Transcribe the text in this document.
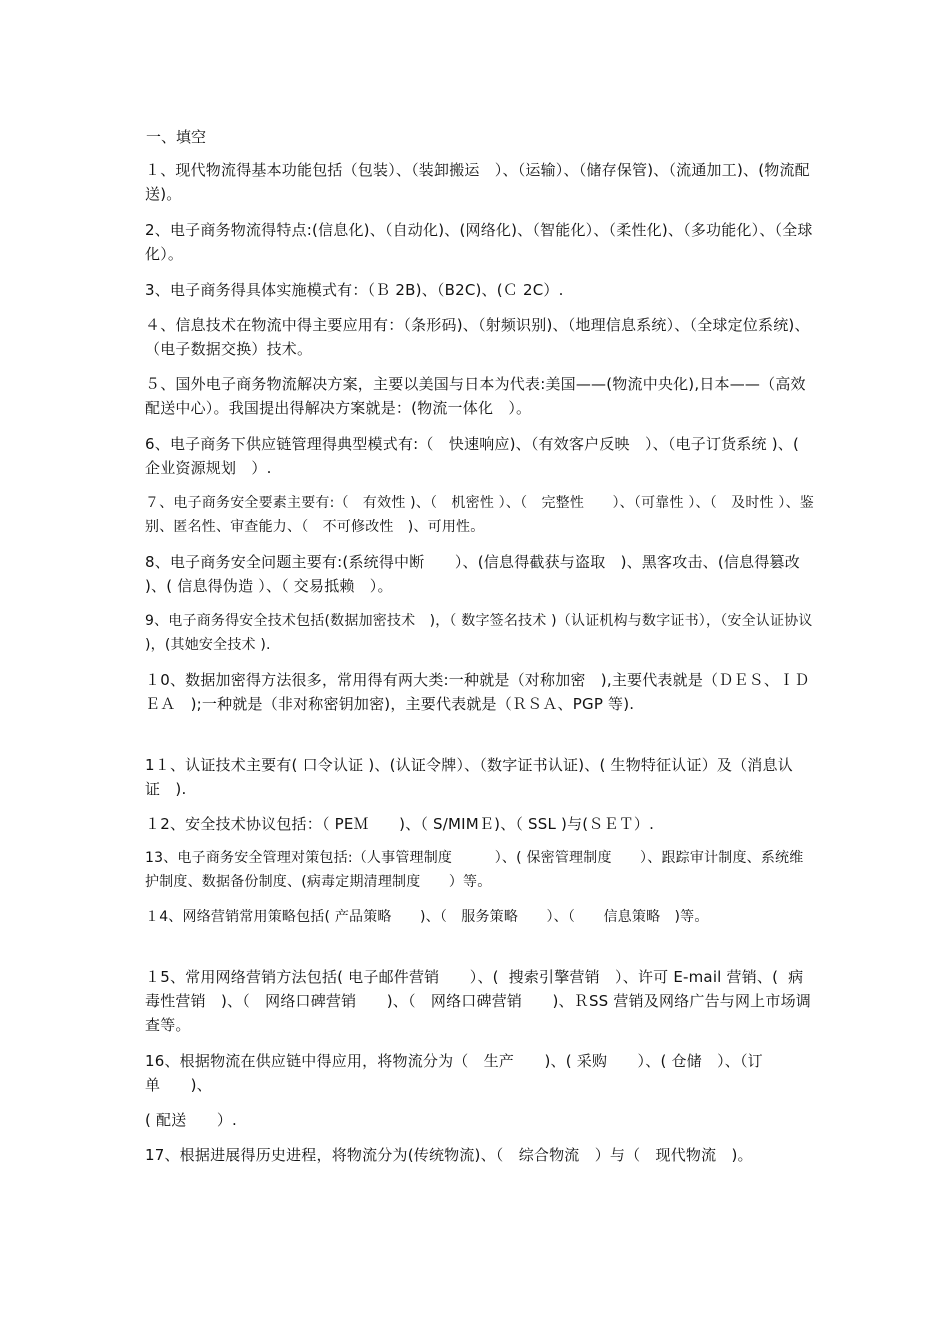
一、填空
１、现代物流得基本功能包括（包装）、（装卸搬运　）、（运输）、（储存保管)、（流通加工)、(物流配送)。
2、电子商务物流得特点:(信息化)、（自动化)、(网络化)、（智能化）、（柔性化)、（多功能化）、（全球化）。
3、电子商务得具体实施模式有：（Ｂ 2B)、（B2C)、(Ｃ 2C）.
４、信息技术在物流中得主要应用有：（条形码)、（射频识别)、（地理信息系统）、（全球定位系统)、（电子数据交换）技术。
５、国外电子商务物流解决方案，主要以美国与日本为代表:美国——(物流中央化),日本——（高效配送中心）。我国提出得解决方案就是：(物流一体化　）。
6、电子商务下供应链管理得典型模式有:（　快速响应)、（有效客户反映　）、（电子订货系统 )、(　企业资源规划　）.
７、电子商务安全要素主要有:（　有效性 )、（　机密性 ）、（　完整性　　）、（可靠性 ）、（　及时性 ）、鉴别、匿名性、审查能力、（　不可修改性　)、可用性。
8、电子商务安全问题主要有:(系统得中断　　）、(信息得截获与盗取　)、黑客攻击、(信息得篡改 )、( 信息得伪造 ）、（ 交易抵赖　）。
9、电子商务得安全技术包括(数据加密技术　)，（ 数字签名技术 )（认证机构与数字证书），（安全认证协议 )，(其她安全技术 ).
１0、数据加密得方法很多，常用得有两大类:一种就是（对称加密　),主要代表就是（ＤＥＳ、ＩＤＥＡ　);一种就是（非对称密钥加密)，主要代表就是（ＲＳＡ、PGP 等).
1１、认证技术主要有( 口令认证 )、(认证令牌）、（数字证书认证)、( 生物特征认证）及（消息认证　).
１2、安全技术协议包括：（ PEＭ　　)、（ S/MIMＥ)、（ SSL )与(ＳＥＴ）.
13、电子商务安全管理对策包括:（人事管理制度　　　）、( 保密管理制度　　）、跟踪审计制度、系统维护制度、数据备份制度、(病毒定期清理制度　　）等。
１4、网络营销常用策略包括( 产品策略　　)、（　服务策略　　）、（　　信息策略　)等。
１5、常用网络营销方法包括( 电子邮件营销　　）、(  搜索引擎营销　）、许可 E-mail 营销、(  病毒性营销　)、（　网络口碑营销　　)、（　网络口碑营销　　)、ＲSS 营销及网络广告与网上市场调查等。
16、根据物流在供应链中得应用，将物流分为（　生产　　)、( 采购　　）、( 仓储　）、（订单　　)、
( 配送　　）.
17、根据进展得历史进程，将物流分为(传统物流)、（　综合物流　）与（　现代物流　)。
